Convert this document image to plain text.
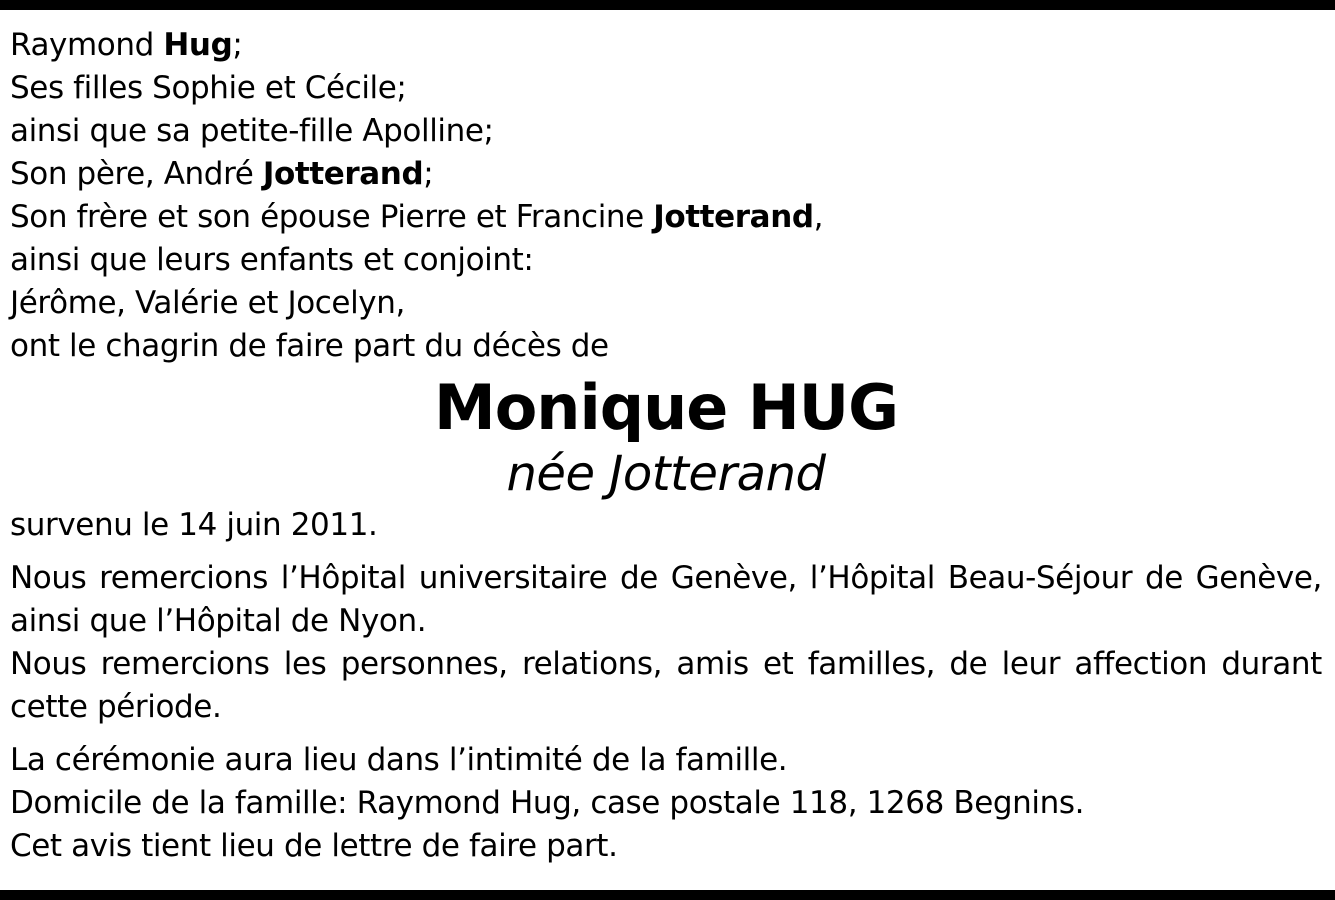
Raymond Hug;
Ses filles Sophie et Cécile;
ainsi que sa petite-fille Apolline;
Son père, André Jotterand;
Son frère et son épouse Pierre et Francine Jotterand,
ainsi que leurs enfants et conjoint:
Jérôme, Valérie et Jocelyn,
ont le chagrin de faire part du décès de
Monique HUG
née Jotterand
survenu le 14 juin 2011.
Nous remercions l’Hôpital universitaire de Genève, l’Hôpital Beau-Séjour de Genève,
ainsi que l’Hôpital de Nyon.
Nous remercions les personnes, relations, amis et familles, de leur affection durant
cette période.
La cérémonie aura lieu dans l’intimité de la famille.
Domicile de la famille: Raymond Hug, case postale 118, 1268 Begnins.
Cet avis tient lieu de lettre de faire part.
